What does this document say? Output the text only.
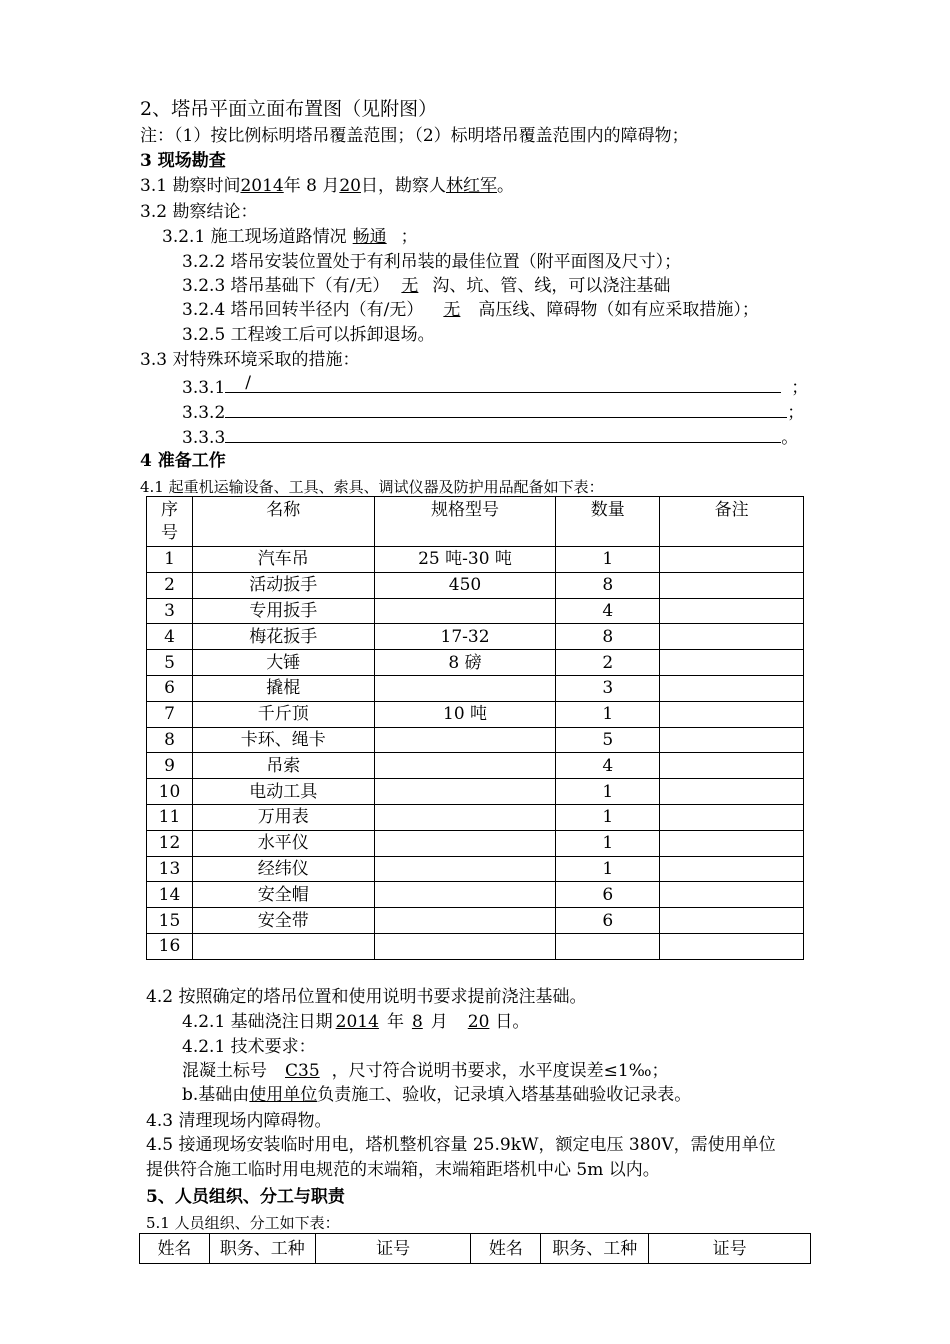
2、塔吊平面立面布置图（见附图）
注：（1）按比例标明塔吊覆盖范围；（2）标明塔吊覆盖范围内的障碍物；
3 现场勘查
3.1 勘察时间2014年 8 月20日，勘察人林红军。
3.2 勘察结论：
3.2.1 施工现场道路情况 畅通 ；
3.2.2 塔吊安装位置处于有利吊装的最佳位置（附平面图及尺寸）；
3.2.3 塔吊基础下（有/无） 无 沟、坑、管、线，可以浇注基础
3.2.4 塔吊回转半径内（有/无） 无 高压线、障碍物（如有应采取措施）；
3.2.5 工程竣工后可以拆卸退场。
3.3 对特殊环境采取的措施：
3.3.1 /	；
3.3.2	；
3.3.3	。
4 准备工作
4.1 起重机运输设备、工具、索具、调试仪器及防护用品配备如下表：
序号	名称	规格型号	数量	备注
1	汽车吊	25 吨-30 吨	1	
2	活动扳手	450	8	
3	专用扳手		4	
4	梅花扳手	17-32	8	
5	大锤	8 磅	2	
6	撬棍		3	
7	千斤顶	10 吨	1	
8	卡环、绳卡		5	
9	吊索		4	
10	电动工具		1	
11	万用表		1	
12	水平仪		1	
13	经纬仪		1	
14	安全帽		6	
15	安全带		6	
16				
4.2 按照确定的塔吊位置和使用说明书要求提前浇注基础。
4.2.1 基础浇注日期 2014 年 8 月 20 日。
4.2.1 技术要求：
混凝土标号 C35 ，尺寸符合说明书要求，水平度误差≤1‰；
b.基础由使用单位负责施工、验收，记录填入塔基基础验收记录表。
4.3 清理现场内障碍物。
4.5 接通现场安装临时用电，塔机整机容量 25.9kW，额定电压 380V，需使用单位
提供符合施工临时用电规范的末端箱，末端箱距塔机中心 5m 以内。
5、人员组织、分工与职责
5.1 人员组织、分工如下表：
姓名	职务、工种	证号	姓名	职务、工种	证号
